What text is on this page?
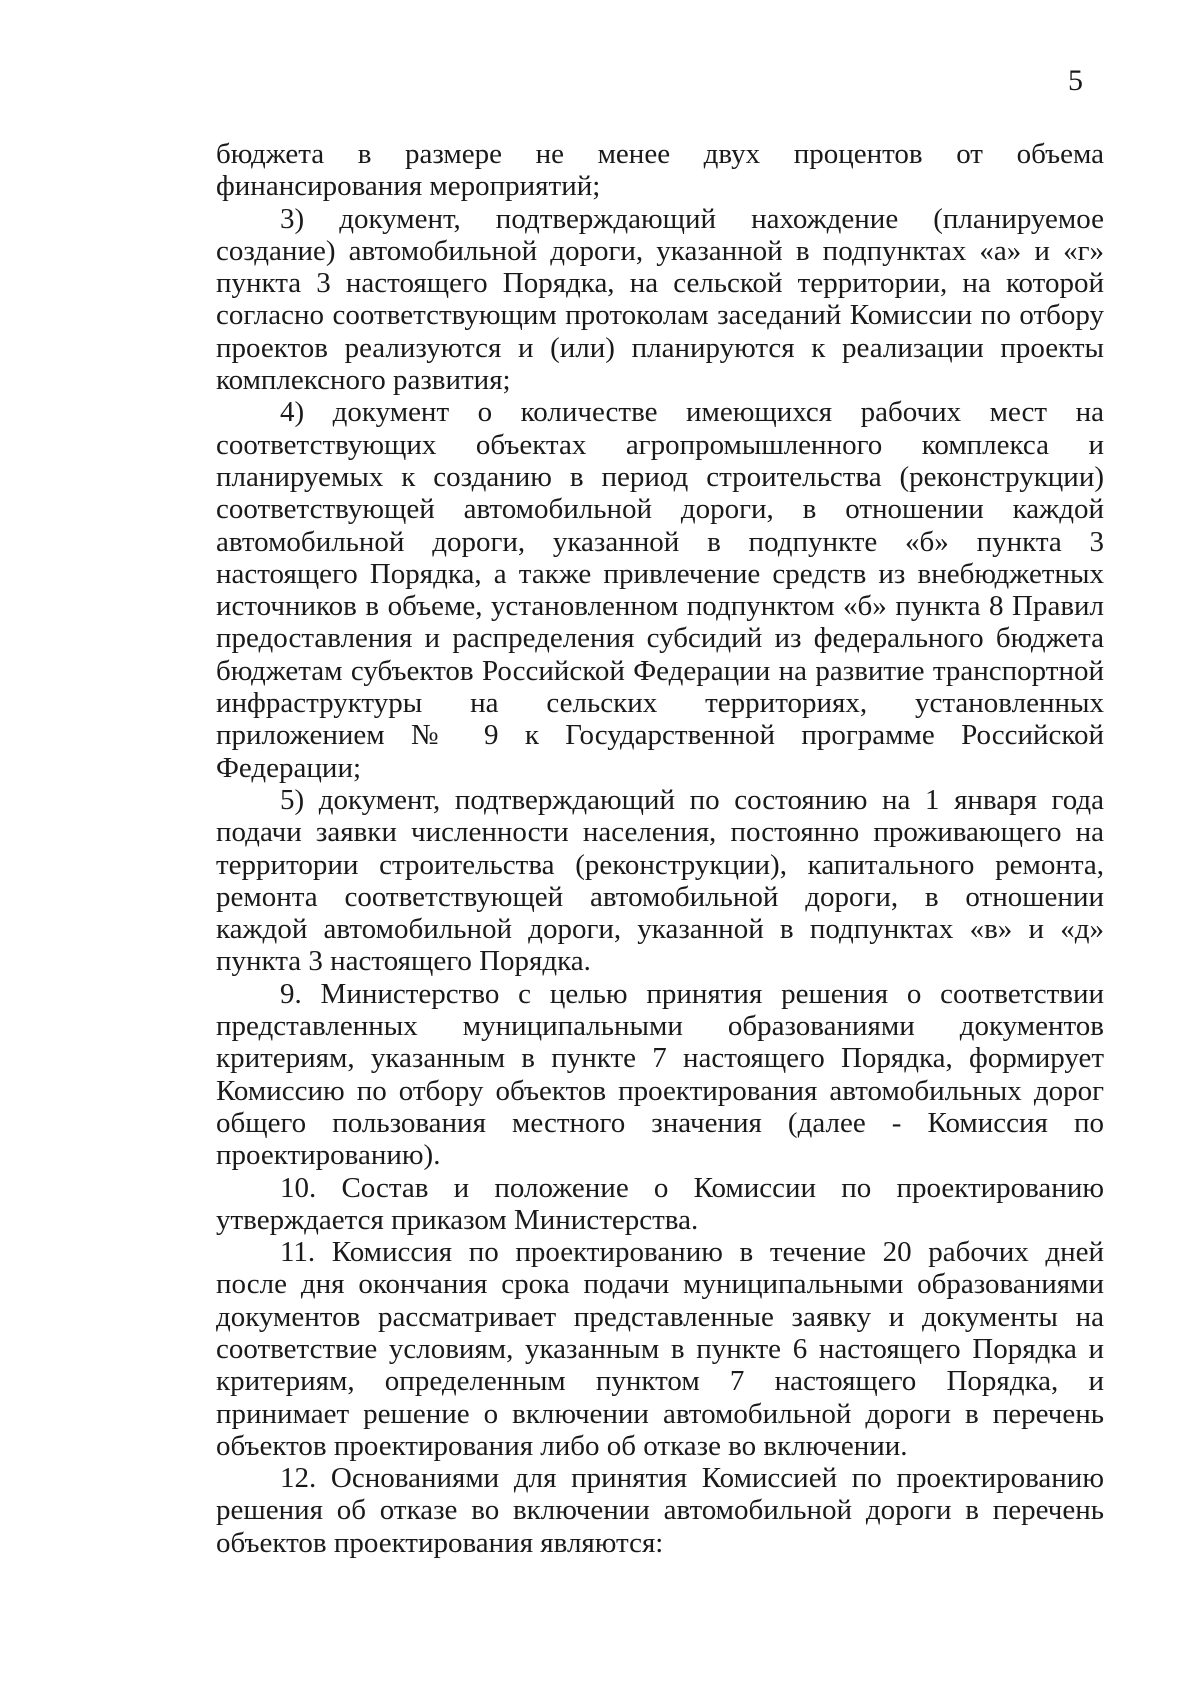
5

бюджета в размере не менее двух процентов от объема финансирования мероприятий;

3) документ, подтверждающий нахождение (планируемое создание) автомобильной дороги, указанной в подпунктах «а» и «г» пункта 3 настоящего Порядка, на сельской территории, на которой согласно соответствующим протоколам заседаний Комиссии по отбору проектов реализуются и (или) планируются к реализации проекты комплексного развития;

4) документ о количестве имеющихся рабочих мест на соответствующих объектах агропромышленного комплекса и планируемых к созданию в период строительства (реконструкции) соответствующей автомобильной дороги, в отношении каждой автомобильной дороги, указанной в подпункте «б» пункта 3 настоящего Порядка, а также привлечение средств из внебюджетных источников в объеме, установленном подпунктом «б» пункта 8 Правил предоставления и распределения субсидий из федерального бюджета бюджетам субъектов Российской Федерации на развитие транспортной инфраструктуры на сельских территориях, установленных приложением № 9 к Государственной программе Российской Федерации;

5) документ, подтверждающий по состоянию на 1 января года подачи заявки численности населения, постоянно проживающего на территории строительства (реконструкции), капитального ремонта, ремонта соответствующей автомобильной дороги, в отношении каждой автомобильной дороги, указанной в подпунктах «в» и «д» пункта 3 настоящего Порядка.

9. Министерство с целью принятия решения о соответствии представленных муниципальными образованиями документов критериям, указанным в пункте 7 настоящего Порядка, формирует Комиссию по отбору объектов проектирования автомобильных дорог общего пользования местного значения (далее - Комиссия по проектированию).

10. Состав и положение о Комиссии по проектированию утверждается приказом Министерства.

11. Комиссия по проектированию в течение 20 рабочих дней после дня окончания срока подачи муниципальными образованиями документов рассматривает представленные заявку и документы на соответствие условиям, указанным в пункте 6 настоящего Порядка и критериям, определенным пунктом 7 настоящего Порядка, и принимает решение о включении автомобильной дороги в перечень объектов проектирования либо об отказе во включении.

12. Основаниями для принятия Комиссией по проектированию решения об отказе во включении автомобильной дороги в перечень объектов проектирования являются:
